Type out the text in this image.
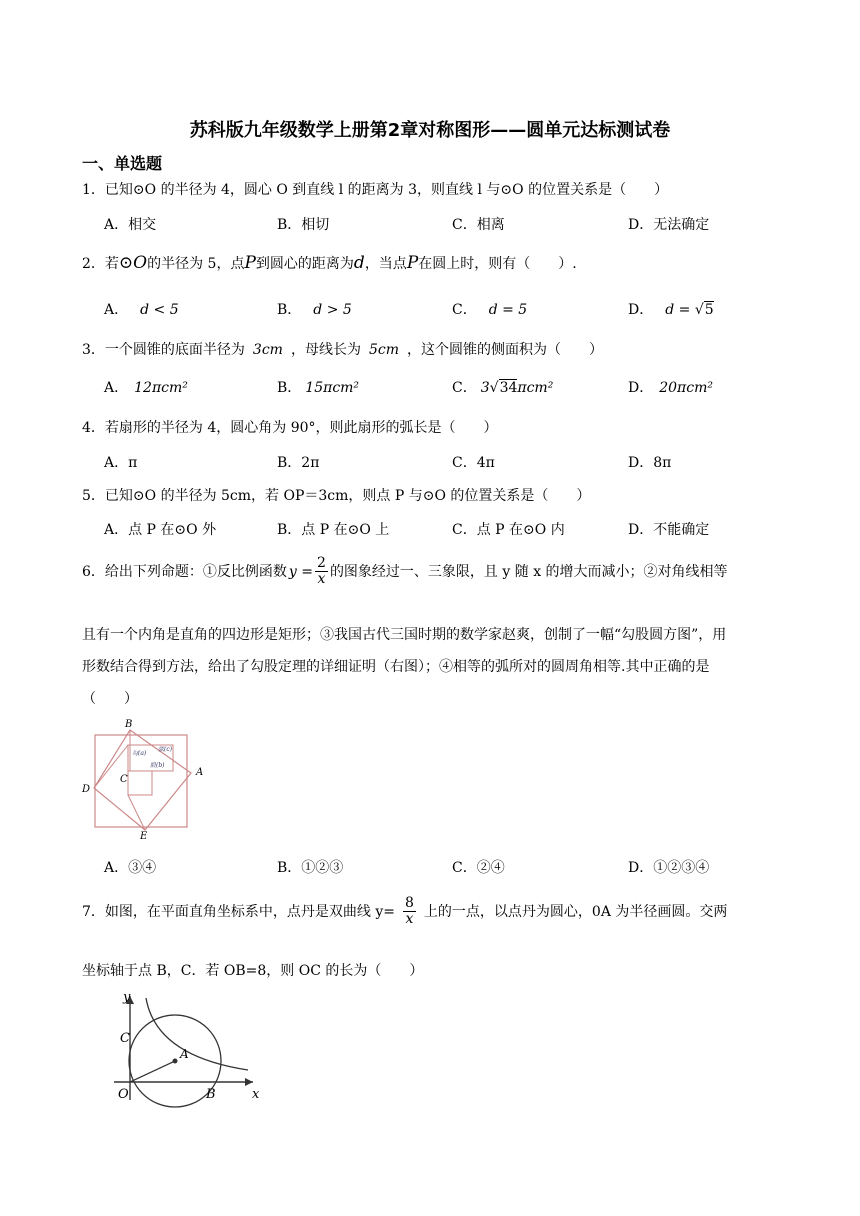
苏科版九年级数学上册第2章对称图形——圆单元达标测试卷
一、单选题
1．已知⊙O 的半径为 4，圆心 O 到直线 l 的距离为 3，则直线 l 与⊙O 的位置关系是（　　）
A．相交	B．相切	C．相离	D．无法确定
2．若⊙O的半径为 5，点P到圆心的距离为d，当点P在圆上时，则有（　　）.
A． d < 5	B． d > 5	C． d = 5	D． d = √5
3．一个圆锥的底面半径为 3cm ，母线长为 5cm ，这个圆锥的侧面积为（　　）
A． 12πcm²	B． 15πcm²	C． 3√34πcm²	D． 20πcm²
4．若扇形的半径为 4，圆心角为 90°，则此扇形的弧长是（　　）
A．π	B．2π	C．4π	D．8π
5．已知⊙O 的半径为 5cm，若 OP＝3cm，则点 P 与⊙O 的位置关系是（　　）
A．点 P 在⊙O 外	B．点 P 在⊙O 上	C．点 P 在⊙O 内	D．不能确定
6．给出下列命题：①反比例函数 $y = \frac{2}{x}$ 的图象经过一、三象限，且 y 随 x 的增大而减小；②对角线相等
且有一个内角是直角的四边形是矩形；③我国古代三国时期的数学家赵爽，创制了一幅“勾股圆方图”，用
形数结合得到方法，给出了勾股定理的详细证明（右图）；④相等的弧所对的圆周角相等.其中正确的是
（　　）
B
C
D
A
E
勾(a)
弦(c)
股(b)
A．③④	B．①②③	C．②④	D．①②③④
7．如图，在平面直角坐标系中，点丹是双曲线 $y= \frac{8}{x}$ 上的一点，以点丹为圆心，0A 为半径画圆。交两
坐标轴于点 B，C．若 OB=8，则 OC 的长为（　　）
y
x
O
A
B
C
